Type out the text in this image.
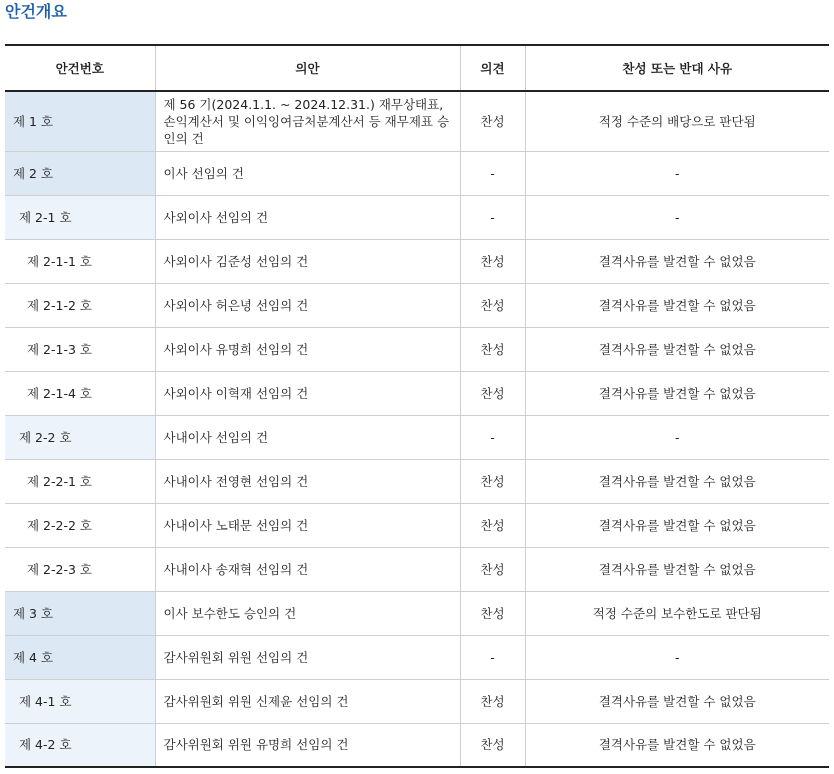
안건개요
안건번호	의안	의견	찬성 또는 반대 사유
제 1 호	제 56 기(2024.1.1. ~ 2024.12.31.) 재무상태표, 손익계산서 및 이익잉여금처분계산서 등 재무제표 승인의 건	찬성	적정 수준의 배당으로 판단됨
제 2 호	이사 선임의 건	-	-
제 2-1 호	사외이사 선임의 건	-	-
제 2-1-1 호	사외이사 김준성 선임의 건	찬성	결격사유를 발견할 수 없었음
제 2-1-2 호	사외이사 허은녕 선임의 건	찬성	결격사유를 발견할 수 없었음
제 2-1-3 호	사외이사 유명희 선임의 건	찬성	결격사유를 발견할 수 없었음
제 2-1-4 호	사외이사 이혁재 선임의 건	찬성	결격사유를 발견할 수 없었음
제 2-2 호	사내이사 선임의 건	-	-
제 2-2-1 호	사내이사 전영현 선임의 건	찬성	결격사유를 발견할 수 없었음
제 2-2-2 호	사내이사 노태문 선임의 건	찬성	결격사유를 발견할 수 없었음
제 2-2-3 호	사내이사 송재혁 선임의 건	찬성	결격사유를 발견할 수 없었음
제 3 호	이사 보수한도 승인의 건	찬성	적정 수준의 보수한도로 판단됨
제 4 호	감사위원회 위원 선임의 건	-	-
제 4-1 호	감사위원회 위원 신제윤 선임의 건	찬성	결격사유를 발견할 수 없었음
제 4-2 호	감사위원회 위원 유명희 선임의 건	찬성	결격사유를 발견할 수 없었음
